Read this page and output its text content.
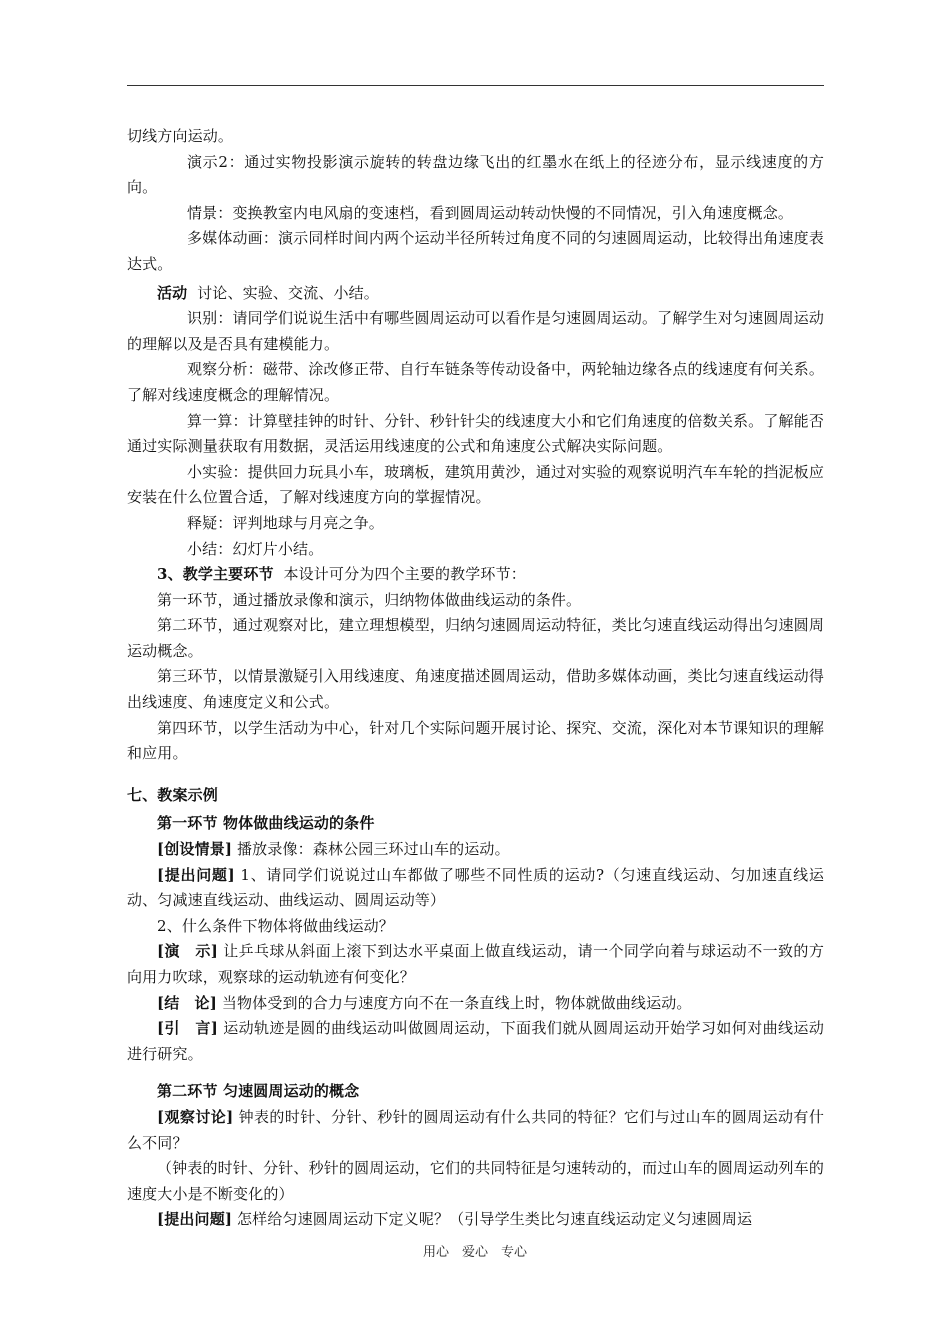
切线方向运动。

演示2：通过实物投影演示旋转的转盘边缘飞出的红墨水在纸上的径迹分布，显示线速度的方向。

情景：变换教室内电风扇的变速档，看到圆周运动转动快慢的不同情况，引入角速度概念。

多媒体动画：演示同样时间内两个运动半径所转过角度不同的匀速圆周运动，比较得出角速度表达式。

活动 讨论、实验、交流、小结。

识别：请同学们说说生活中有哪些圆周运动可以看作是匀速圆周运动。了解学生对匀速圆周运动的理解以及是否具有建模能力。

观察分析：磁带、涂改修正带、自行车链条等传动设备中，两轮轴边缘各点的线速度有何关系。了解对线速度概念的理解情况。

算一算：计算壁挂钟的时针、分针、秒针针尖的线速度大小和它们角速度的倍数关系。了解能否通过实际测量获取有用数据，灵活运用线速度的公式和角速度公式解决实际问题。

小实验：提供回力玩具小车，玻璃板，建筑用黄沙，通过对实验的观察说明汽车车轮的挡泥板应安装在什么位置合适，了解对线速度方向的掌握情况。

释疑：评判地球与月亮之争。

小结：幻灯片小结。

3、教学主要环节 本设计可分为四个主要的教学环节：

第一环节，通过播放录像和演示，归纳物体做曲线运动的条件。

第二环节，通过观察对比，建立理想模型，归纳匀速圆周运动特征，类比匀速直线运动得出匀速圆周运动概念。

第三环节，以情景激疑引入用线速度、角速度描述圆周运动，借助多媒体动画，类比匀速直线运动得出线速度、角速度定义和公式。

第四环节，以学生活动为中心，针对几个实际问题开展讨论、探究、交流，深化对本节课知识的理解和应用。

七、教案示例

第一环节 物体做曲线运动的条件

[创设情景] 播放录像：森林公园三环过山车的运动。

[提出问题] 1、请同学们说说过山车都做了哪些不同性质的运动?（匀速直线运动、匀加速直线运动、匀减速直线运动、曲线运动、圆周运动等）

2、什么条件下物体将做曲线运动？

[演　示] 让乒乓球从斜面上滚下到达水平桌面上做直线运动，请一个同学向着与球运动不一致的方向用力吹球，观察球的运动轨迹有何变化？

[结　论] 当物体受到的合力与速度方向不在一条直线上时，物体就做曲线运动。

[引　言] 运动轨迹是圆的曲线运动叫做圆周运动，下面我们就从圆周运动开始学习如何对曲线运动进行研究。

第二环节 匀速圆周运动的概念

[观察讨论] 钟表的时针、分针、秒针的圆周运动有什么共同的特征？它们与过山车的圆周运动有什么不同？

（钟表的时针、分针、秒针的圆周运动，它们的共同特征是匀速转动的，而过山车的圆周运动列车的速度大小是不断变化的）

[提出问题] 怎样给匀速圆周运动下定义呢？（引导学生类比匀速直线运动定义匀速圆周运

用心　爱心　专心
